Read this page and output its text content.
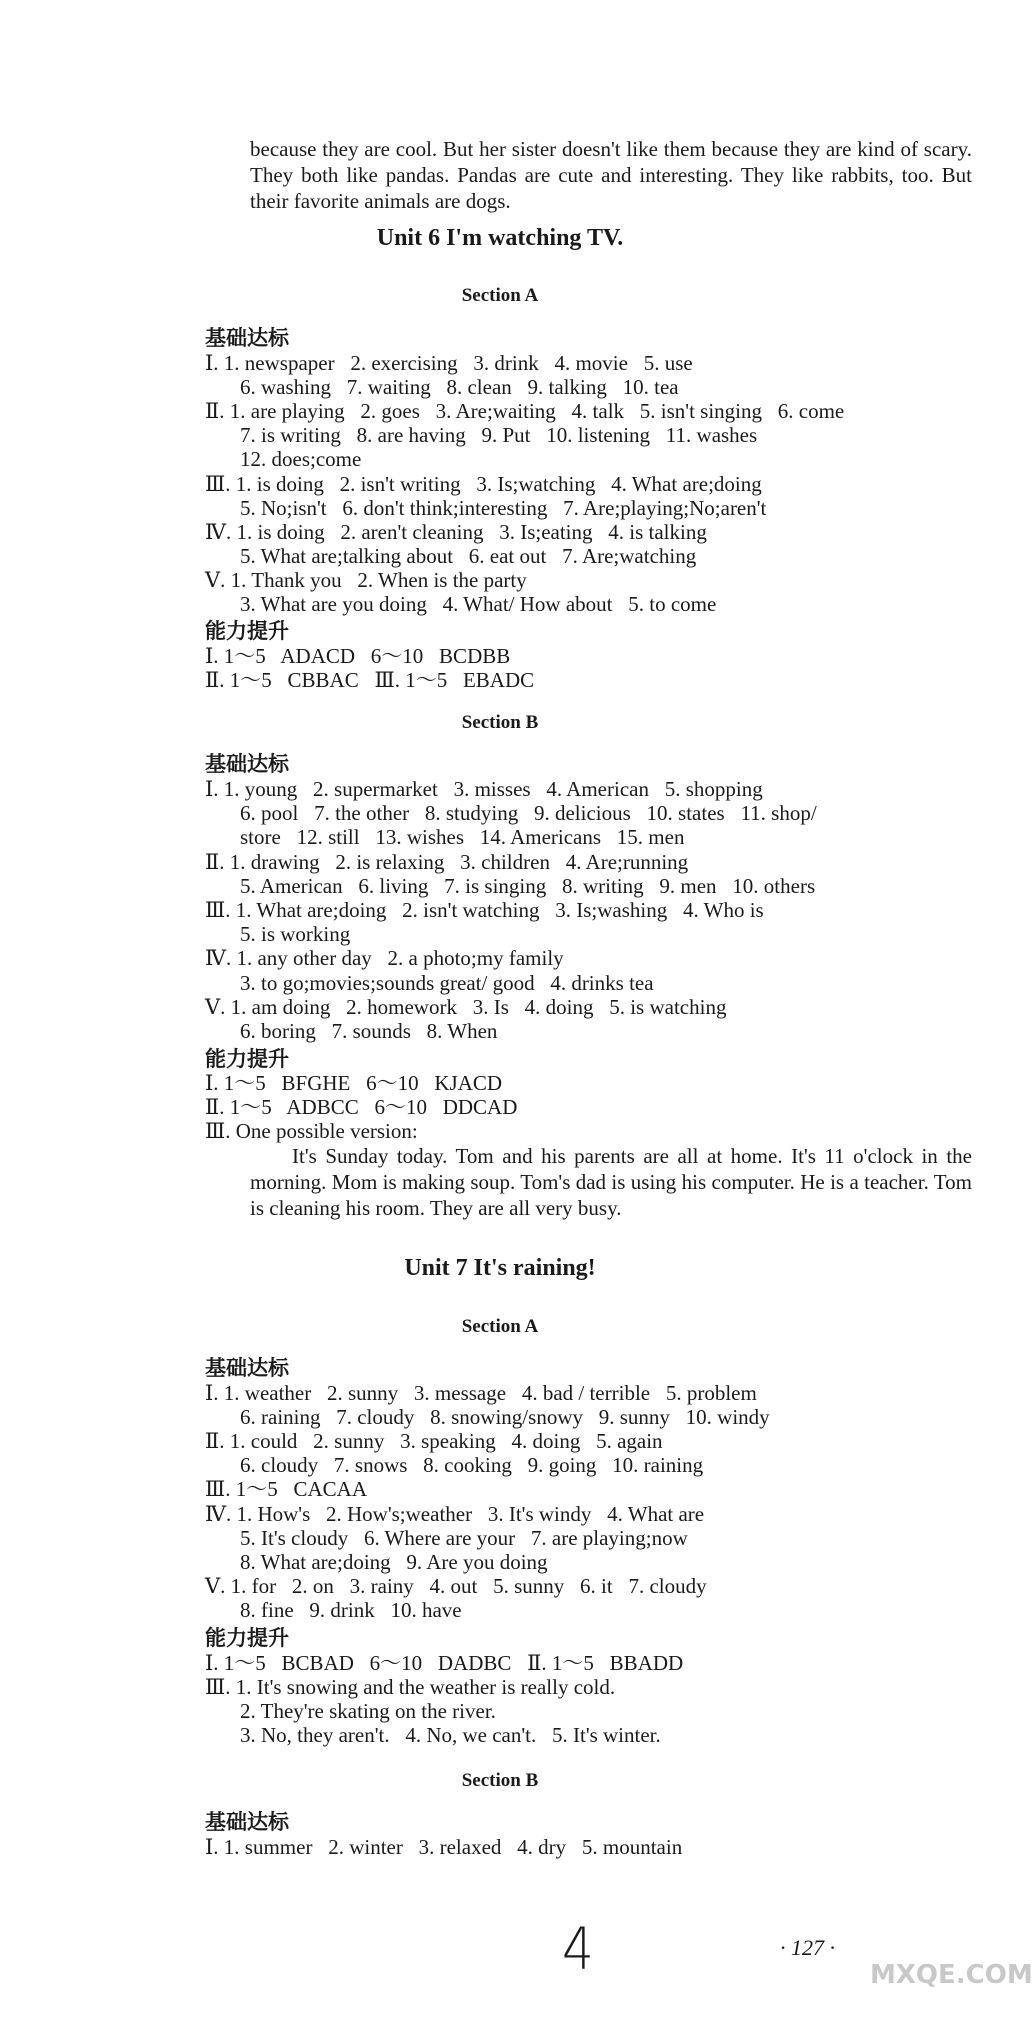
because they are cool. But her sister doesn't like them because they are kind of scary. They both like pandas. Pandas are cute and interesting. They like rabbits, too. But their favorite animals are dogs.
Unit 6 I'm watching TV.
Section A
基础达标
Ⅰ. 1. newspaper   2. exercising   3. drink   4. movie   5. use
6. washing   7. waiting   8. clean   9. talking   10. tea
Ⅱ. 1. are playing   2. goes   3. Are;waiting   4. talk   5. isn't singing   6. come
7. is writing   8. are having   9. Put   10. listening   11. washes
12. does;come
Ⅲ. 1. is doing   2. isn't writing   3. Is;watching   4. What are;doing
5. No;isn't   6. don't think;interesting   7. Are;playing;No;aren't
Ⅳ. 1. is doing   2. aren't cleaning   3. Is;eating   4. is talking
5. What are;talking about   6. eat out   7. Are;watching
Ⅴ. 1. Thank you   2. When is the party
3. What are you doing   4. What/ How about   5. to come
能力提升
Ⅰ. 1～5   ADACD   6～10   BCDBB
Ⅱ. 1～5   CBBAC   Ⅲ. 1～5   EBADC
Section B
基础达标
Ⅰ. 1. young   2. supermarket   3. misses   4. American   5. shopping
6. pool   7. the other   8. studying   9. delicious   10. states   11. shop/
store   12. still   13. wishes   14. Americans   15. men
Ⅱ. 1. drawing   2. is relaxing   3. children   4. Are;running
5. American   6. living   7. is singing   8. writing   9. men   10. others
Ⅲ. 1. What are;doing   2. isn't watching   3. Is;washing   4. Who is
5. is working
Ⅳ. 1. any other day   2. a photo;my family
3. to go;movies;sounds great/ good   4. drinks tea
Ⅴ. 1. am doing   2. homework   3. Is   4. doing   5. is watching
6. boring   7. sounds   8. When
能力提升
Ⅰ. 1～5   BFGHE   6～10   KJACD
Ⅱ. 1～5   ADBCC   6～10   DDCAD
Ⅲ. One possible version:
It's Sunday today. Tom and his parents are all at home. It's 11 o'clock in the morning. Mom is making soup. Tom's dad is using his computer. He is a teacher. Tom is cleaning his room. They are all very busy.
Unit 7 It's raining!
Section A
基础达标
Ⅰ. 1. weather   2. sunny   3. message   4. bad / terrible   5. problem
6. raining   7. cloudy   8. snowing/snowy   9. sunny   10. windy
Ⅱ. 1. could   2. sunny   3. speaking   4. doing   5. again
6. cloudy   7. snows   8. cooking   9. going   10. raining
Ⅲ. 1～5   CACAA
Ⅳ. 1. How's   2. How's;weather   3. It's windy   4. What are
5. It's cloudy   6. Where are your   7. are playing;now
8. What are;doing   9. Are you doing
Ⅴ. 1. for   2. on   3. rainy   4. out   5. sunny   6. it   7. cloudy
8. fine   9. drink   10. have
能力提升
Ⅰ. 1～5   BCBAD   6～10   DADBC   Ⅱ. 1～5   BBADD
Ⅲ. 1. It's snowing and the weather is really cold.
2. They're skating on the river.
3. No, they aren't.   4. No, we can't.   5. It's winter.
Section B
基础达标
Ⅰ. 1. summer   2. winter   3. relaxed   4. dry   5. mountain
4	· 127 ·
MXQE.COM
